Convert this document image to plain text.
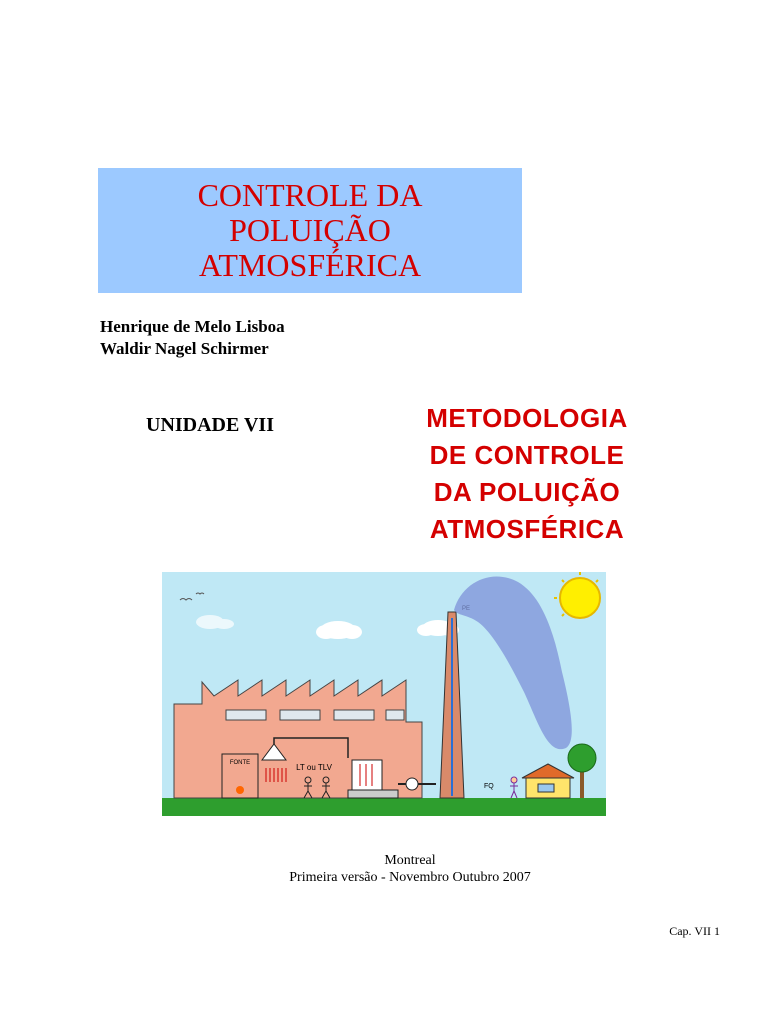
CONTROLE DA
POLUIÇÃO
ATMOSFÉRICA
Henrique de Melo Lisboa
Waldir Nagel Schirmer
UNIDADE VII	METODOLOGIA
DE CONTROLE
DA POLUIÇÃO
ATMOSFÉRICA
FONTE	LT ou TLV
FQ
Montreal
Primeira versão - Novembro Outubro 2007
Cap. VII 1
